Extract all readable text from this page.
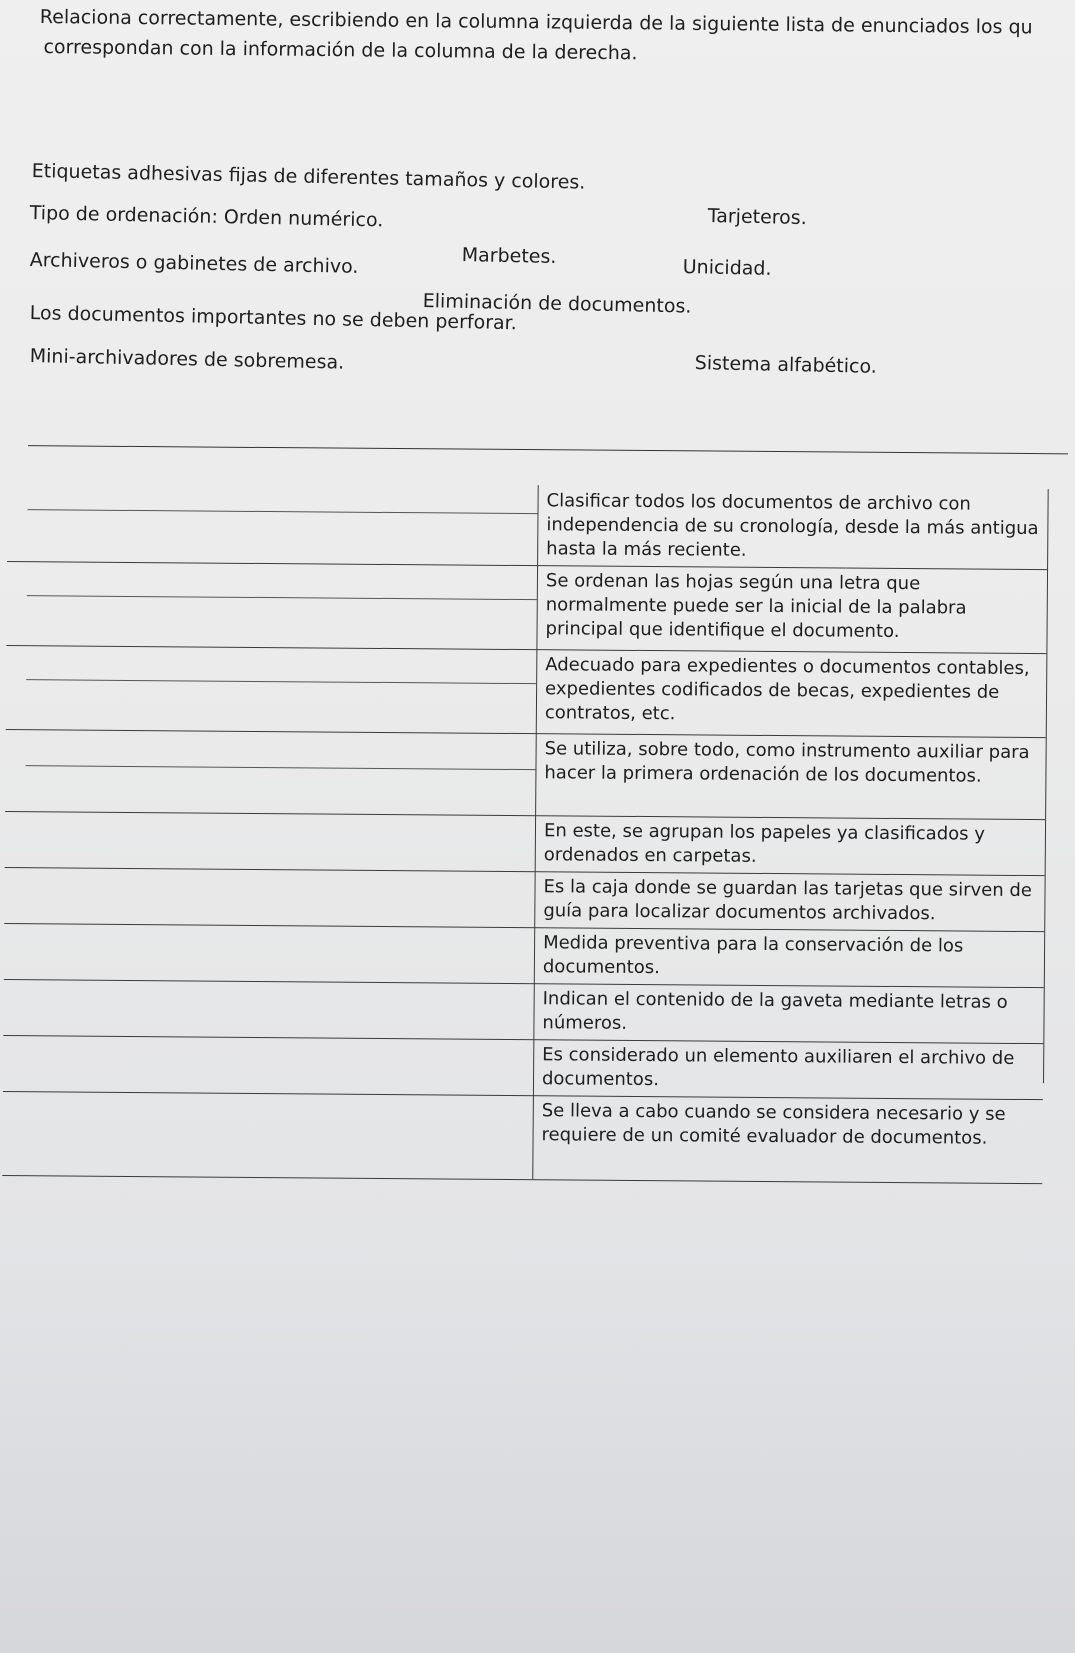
Relaciona correctamente, escribiendo en la columna izquierda de la siguiente lista de enunciados los qu
correspondan con la información de la columna de la derecha.
Etiquetas adhesivas fijas de diferentes tamaños y colores.
Tarjeteros.
Tipo de ordenación: Orden numérico.
Marbetes.	Unicidad.
Archiveros o gabinetes de archivo.
Eliminación de documentos.
Los documentos importantes no se deben perforar.
Sistema alfabético.
Mini-archivadores de sobremesa.
Clasificar todos los documentos de archivo con independencia de su cronología, desde la más antigua hasta la más reciente.
Se ordenan las hojas según una letra que normalmente puede ser la inicial de la palabra principal que identifique el documento.
Adecuado para expedientes o documentos contables, expedientes codificados de becas, expedientes de contratos, etc.
Se utiliza, sobre todo, como instrumento auxiliar para hacer la primera ordenación de los documentos.
En este, se agrupan los papeles ya clasificados y ordenados en carpetas.
Es la caja donde se guardan las tarjetas que sirven de guía para localizar documentos archivados.
Medida preventiva para la conservación de los documentos.
Indican el contenido de la gaveta mediante letras o números.
Es considerado un elemento auxiliaren el archivo de documentos.
Se lleva a cabo cuando se considera necesario y se requiere de un comité evaluador de documentos.
